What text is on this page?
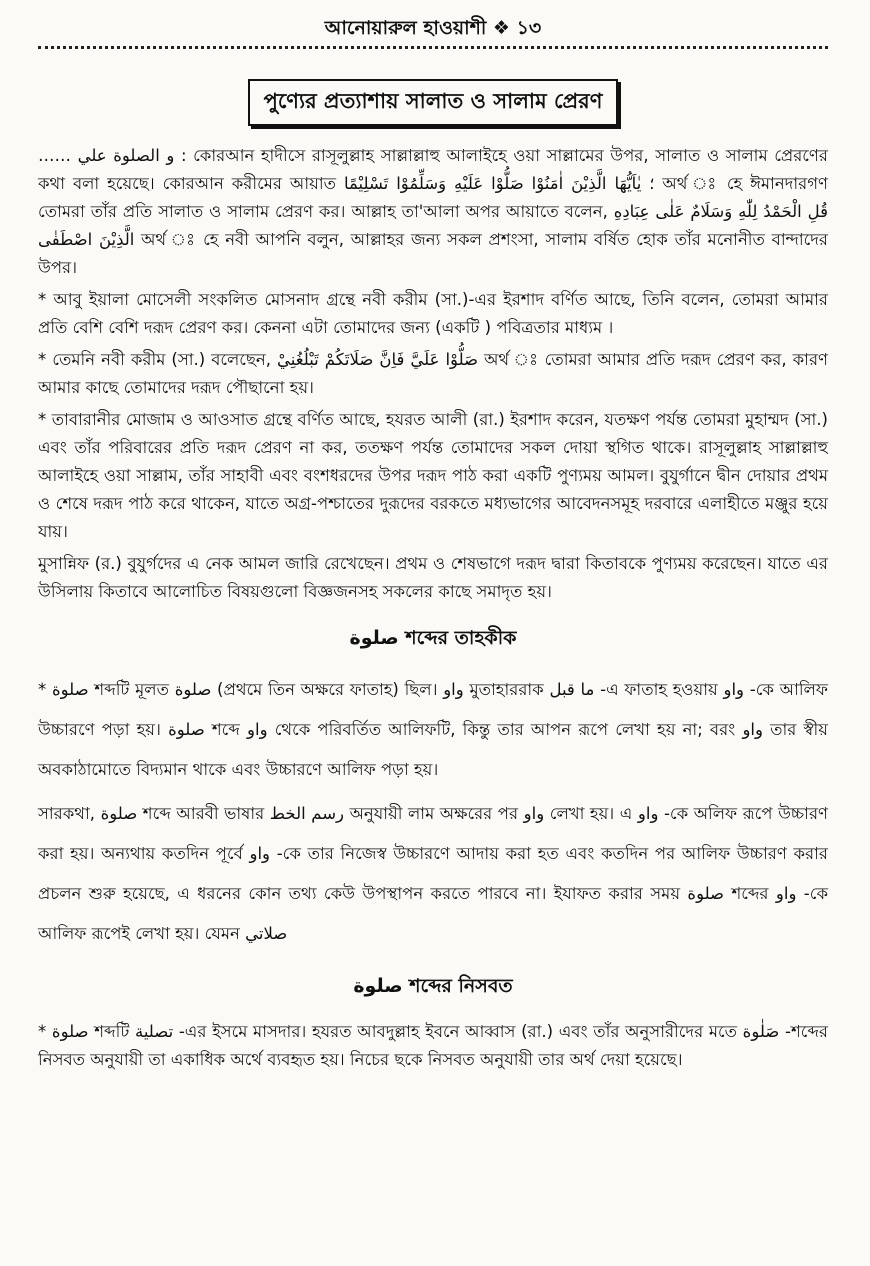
আনোয়ারুল হাওয়াশী ❖ ১৩
পুণ্যের প্রত্যাশায় সালাত ও সালাম প্রেরণ

…… و الصلوة علي : কোরআন হাদীসে রাসূলুল্লাহ সাল্লাল্লাহু আলাইহে ওয়া সাল্লামের উপর, সালাত ও সালাম প্রেরণের কথা বলা হয়েছে। কোরআন করীমের আয়াত ؛ يٰاَيُّهَا الَّذِيْنَ اٰمَنُوْا صَلُّوْا عَلَيْهِ وَسَلِّمُوْا تَسْلِيْمًا অর্থ ঃ হে ঈমানদারগণ তোমরা তাঁর প্রতি সালাত ও সালাম প্রেরণ কর। আল্লাহ তা'আলা অপর আয়াতে বলেন, قُلِ الْحَمْدُ لِلّٰهِ وَسَلَامٌ عَلٰى عِبَادِهِ الَّذِيْنَ اصْطَفٰى অর্থ ঃ হে নবী আপনি বলুন, আল্লাহর জন্য সকল প্রশংসা, সালাম বর্ষিত হোক তাঁর মনোনীত বান্দাদের উপর।

* আবু ইয়ালা মোসেলী সংকলিত মোসনাদ গ্রন্থে নবী করীম (সা.)-এর ইরশাদ বর্ণিত আছে, তিনি বলেন, তোমরা আমার প্রতি বেশি বেশি দরূদ প্রেরণ কর। কেননা এটা তোমাদের জন্য (একটি ) পবিত্রতার মাধ্যম ।

* তেমনি নবী করীম (সা.) বলেছেন, صَلُّوْا عَلَيَّ فَاِنَّ صَلَاتَكُمْ تَبْلُغُنِيْ অর্থ ঃ তোমরা আমার প্রতি দরূদ প্রেরণ কর, কারণ আমার কাছে তোমাদের দরূদ পৌছানো হয়।

* তাবারানীর মোজাম ও আওসাত গ্রন্থে বর্ণিত আছে, হযরত আলী (রা.) ইরশাদ করেন, যতক্ষণ পর্যন্ত তোমরা মুহাম্মদ (সা.) এবং তাঁর পরিবারের প্রতি দরূদ প্রেরণ না কর, ততক্ষণ পর্যন্ত তোমাদের সকল দোয়া স্থগিত থাকে। রাসূলুল্লাহ সাল্লাল্লাহু আলাইহে ওয়া সাল্লাম, তাঁর সাহাবী এবং বংশধরদের উপর দরূদ পাঠ করা একটি পুণ্যময় আমল। বুযুর্গানে দ্বীন দোয়ার প্রথম ও শেষে দরূদ পাঠ করে থাকেন, যাতে অগ্র-পশ্চাতের দুরূদের বরকতে মধ্যভাগের আবেদনসমূহ দরবারে এলাহীতে মঞ্জুর হয়ে যায়।

মুসান্নিফ (র.) বুযুর্গদের এ নেক আমল জারি রেখেছেন। প্রথম ও শেষভাগে দরূদ দ্বারা কিতাবকে পুণ্যময় করেছেন। যাতে এর উসিলায় কিতাবে আলোচিত বিষয়গুলো বিজ্ঞজনসহ সকলের কাছে সমাদৃত হয়।

صلوة শব্দের তাহকীক

* صلوة শব্দটি মূলত صلوة (প্রথমে তিন অক্ষরে ফাতাহ) ছিল। واو মুতাহাররাক ما قبل -এ ফাতাহ হওয়ায় واو -কে আলিফ উচ্চারণে পড়া হয়। صلوة শব্দে واو থেকে পরিবর্তিত আলিফটি, কিন্তু তার আপন রূপে লেখা হয় না; বরং واو তার স্বীয় অবকাঠামোতে বিদ্যমান থাকে এবং উচ্চারণে আলিফ পড়া হয়।

সারকথা, صلوة শব্দে আরবী ভাষার رسم الخط অনুযায়ী লাম অক্ষরের পর واو লেখা হয়। এ واو -কে অলিফ রূপে উচ্চারণ করা হয়। অন্যথায় কতদিন পূর্বে واو -কে তার নিজেস্ব উচ্চারণে আদায় করা হত এবং কতদিন পর আলিফ উচ্চারণ করার প্রচলন শুরু হয়েছে, এ ধরনের কোন তথ্য কেউ উপস্থাপন করতে পারবে না। ইযাফত করার সময় صلوة শব্দের واو -কে আলিফ রূপেই লেখা হয়। যেমন صلاتي

صلوة শব্দের নিসবত

* صلوة শব্দটি تصلية -এর ইসমে মাসদার। হযরত আবদুল্লাহ ইবনে আব্বাস (রা.) এবং তাঁর অনুসারীদের মতে صَلٰوة -শব্দের নিসবত অনুযায়ী তা একাধিক অর্থে ব্যবহৃত হয়। নিচের ছকে নিসবত অনুযায়ী তার অর্থ দেয়া হয়েছে।
